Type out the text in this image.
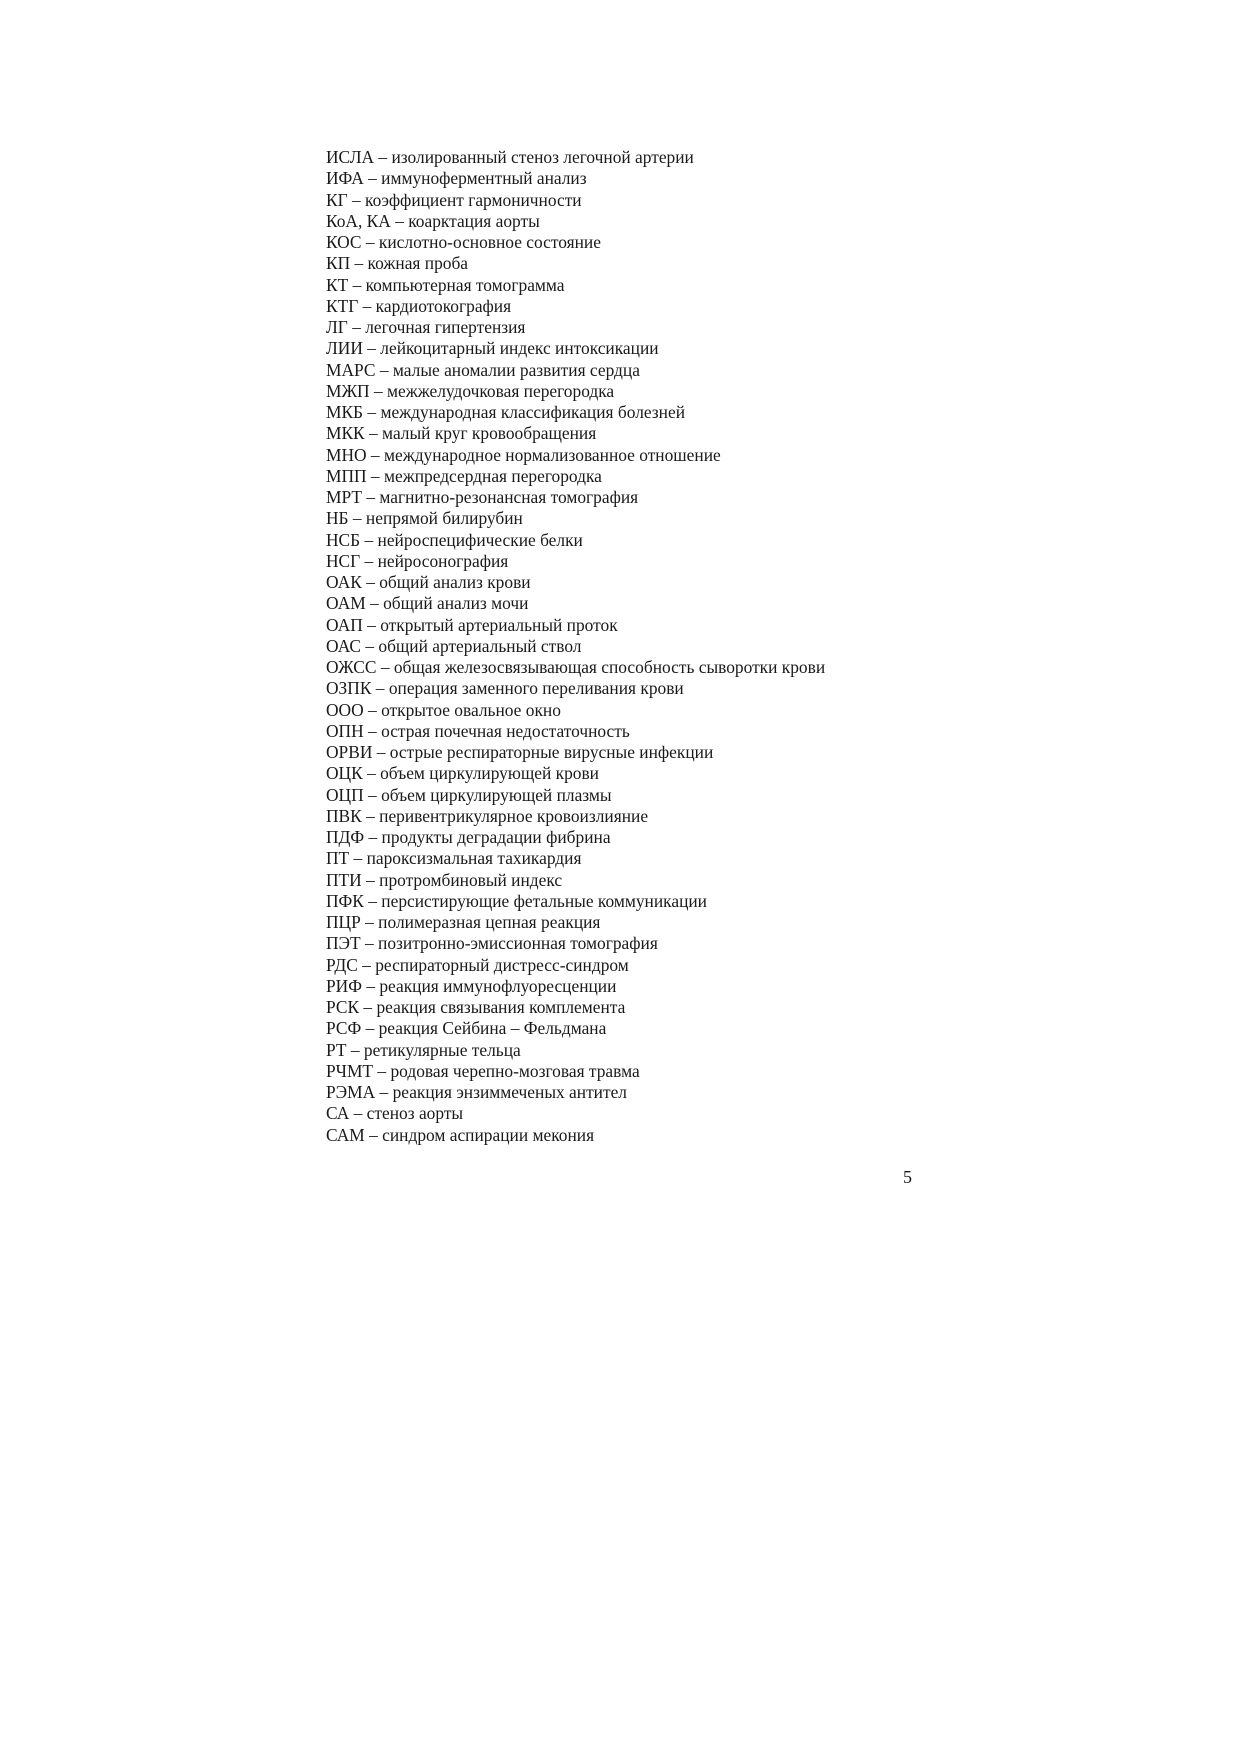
ИСЛА – изолированный стеноз легочной артерии
ИФА – иммуноферментный анализ
КГ – коэффициент гармоничности
КоА, КА – коарктация аорты
КОС – кислотно-основное состояние
КП – кожная проба
КТ – компьютерная томограмма
КТГ – кардиотокография
ЛГ – легочная гипертензия
ЛИИ – лейкоцитарный индекс интоксикации
МАРС – малые аномалии развития сердца
МЖП – межжелудочковая перегородка
МКБ – международная классификация болезней
МКК – малый круг кровообращения
МНО – международное нормализованное отношение
МПП – межпредсердная перегородка
МРТ – магнитно-резонансная томография
НБ – непрямой билирубин
НСБ – нейроспецифические белки
НСГ – нейросонография
ОАК – общий анализ крови
ОАМ – общий анализ мочи
ОАП – открытый артериальный проток
ОАС – общий артериальный ствол
ОЖСС – общая железосвязывающая способность сыворотки крови
ОЗПК – операция заменного переливания крови
ООО – открытое овальное окно
ОПН – острая почечная недостаточность
ОРВИ – острые респираторные вирусные инфекции
ОЦК – объем циркулирующей крови
ОЦП – объем циркулирующей плазмы
ПВК – перивентрикулярное кровоизлияние
ПДФ – продукты деградации фибрина
ПТ – пароксизмальная тахикардия
ПТИ – протромбиновый индекс
ПФК – персистирующие фетальные коммуникации
ПЦР – полимеразная цепная реакция
ПЭТ – позитронно-эмиссионная томография
РДС – респираторный дистресс-синдром
РИФ – реакция иммунофлуоресценции
РСК – реакция связывания комплемента
РСФ – реакция Сейбина – Фельдмана
РТ – ретикулярные тельца
РЧМТ – родовая черепно-мозговая травма
РЭМА – реакция энзиммеченых антител
СА – стеноз аорты
САМ – синдром аспирации мекония
5
